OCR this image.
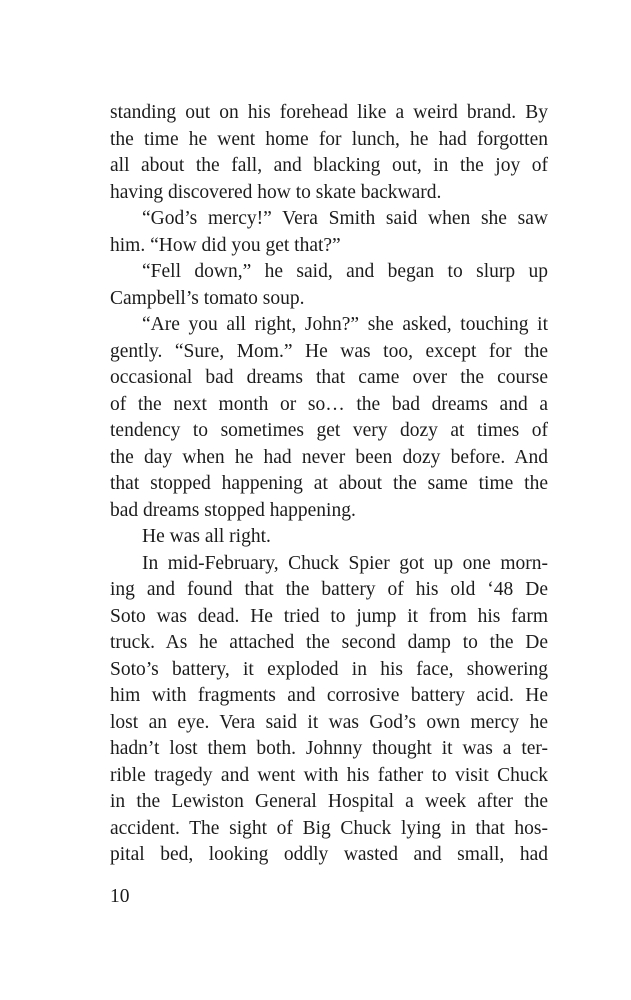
standing out on his forehead like a weird brand. By
the time he went home for lunch, he had forgotten
all about the fall, and blacking out, in the joy of
having discovered how to skate backward.
“God’s mercy!” Vera Smith said when she saw
him. “How did you get that?”
“Fell down,” he said, and began to slurp up
Campbell’s tomato soup.
“Are you all right, John?” she asked, touching it
gently. “Sure, Mom.” He was too, except for the
occasional bad dreams that came over the course
of the next month or so… the bad dreams and a
tendency to sometimes get very dozy at times of
the day when he had never been dozy before. And
that stopped happening at about the same time the
bad dreams stopped happening.
He was all right.
In mid-February, Chuck Spier got up one morn-
ing and found that the battery of his old ‘48 De
Soto was dead. He tried to jump it from his farm
truck. As he attached the second damp to the De
Soto’s battery, it exploded in his face, showering
him with fragments and corrosive battery acid. He
lost an eye. Vera said it was God’s own mercy he
hadn’t lost them both. Johnny thought it was a ter-
rible tragedy and went with his father to visit Chuck
in the Lewiston General Hospital a week after the
accident. The sight of Big Chuck lying in that hos-
pital bed, looking oddly wasted and small, had
10
